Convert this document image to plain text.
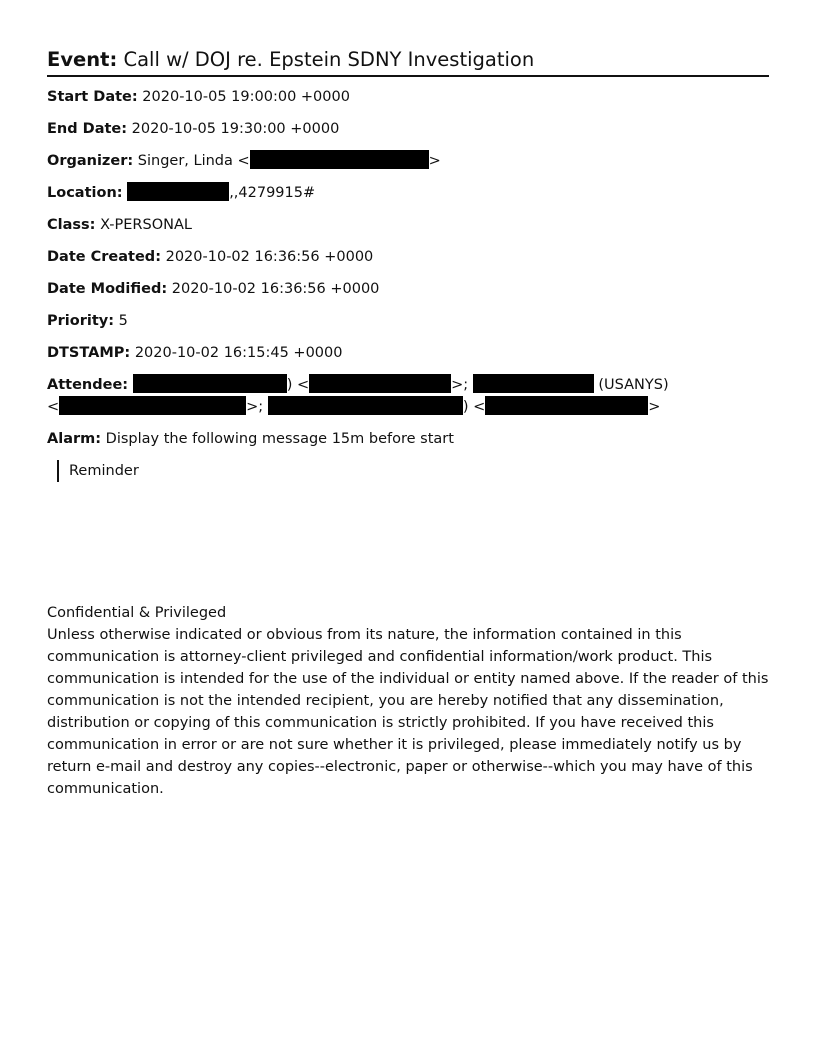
Event: Call w/ DOJ re. Epstein SDNY Investigation
Start Date: 2020-10-05 19:00:00 +0000
End Date: 2020-10-05 19:30:00 +0000
Organizer: Singer, Linda <	>
Location:	,,4279915#
Class: X-PERSONAL
Date Created: 2020-10-02 16:36:56 +0000
Date Modified: 2020-10-02 16:36:56 +0000
Priority: 5
DTSTAMP: 2020-10-02 16:15:45 +0000
Attendee:	) <	>;	(USANYS)
<	>;	) <	>
Alarm: Display the following message 15m before start
Reminder

Confidential & Privileged

Unless otherwise indicated or obvious from its nature, the information contained in this communication is attorney-client privileged and confidential information/work product. This communication is intended for the use of the individual or entity named above. If the reader of this communication is not the intended recipient, you are hereby notified that any dissemination, distribution or copying of this communication is strictly prohibited. If you have received this communication in error or are not sure whether it is privileged, please immediately notify us by return e-mail and destroy any copies--electronic, paper or otherwise--which you may have of this communication.
